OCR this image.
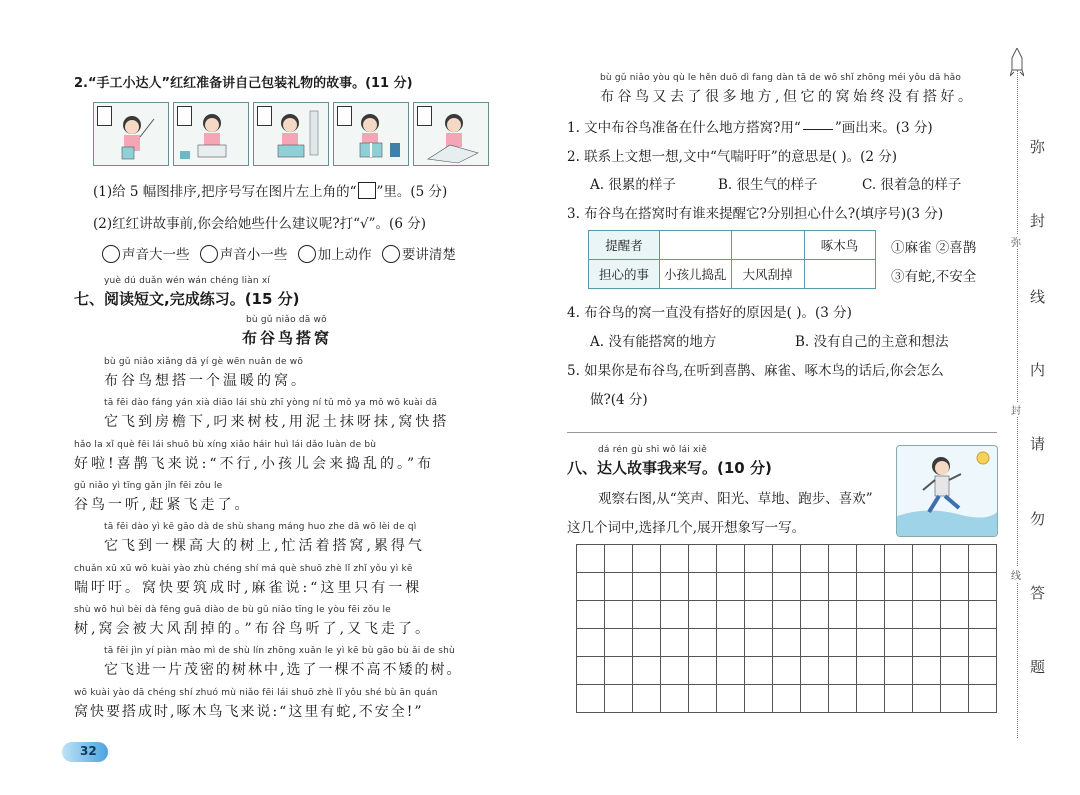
2.“手工小达人”红红准备讲自己包装礼物的故事。(11 分)
(1)给 5 幅图排序,把序号写在图片左上角的“ ”里。(5 分)
(2)红红讲故事前,你会给她些什么建议呢?打“√”。(6 分)
声音大一些 声音小一些 加上动作 要讲清楚
yuè dú duǎn wén wán chéng liàn xí
七、阅读短文,完成练习。(15 分)
bù gǔ niǎo dā wō
布谷鸟搭窝
bù gǔ niǎo xiǎng dā yí gè wēn nuǎn de wō
布谷鸟想搭一个温暖的窝。
tā fēi dào fáng yán xià diāo lái shù zhī yòng ní tǔ mǒ ya mǒ wō kuài dā
它飞到房檐下,叼来树枝,用泥土抹呀抹,窝快搭
hǎo la xǐ què fēi lái shuō bù xíng xiǎo háir huì lái dǎo luàn de bù
好啦!喜鹊飞来说:“不行,小孩儿会来捣乱的。”布
gǔ niǎo yì tīng gǎn jǐn fēi zǒu le
谷鸟一听,赶紧飞走了。
tā fēi dào yì kē gāo dà de shù shang máng huo zhe dā wō lèi de qì
它飞到一棵高大的树上,忙活着搭窝,累得气
chuǎn xū xū wō kuài yào zhù chéng shí má què shuō zhè lǐ zhǐ yǒu yì kē
喘吁吁。窝快要筑成时,麻雀说:“这里只有一棵
shù wō huì bèi dà fēng guā diào de bù gǔ niǎo tīng le yòu fēi zǒu le
树,窝会被大风刮掉的。”布谷鸟听了,又飞走了。
tā fēi jìn yí piàn mào mì de shù lín zhōng xuǎn le yì kē bù gāo bù ǎi de shù
它飞进一片茂密的树林中,选了一棵不高不矮的树。
wō kuài yào dā chéng shí zhuó mù niǎo fēi lái shuō zhè lǐ yǒu shé bù ān quán
窝快要搭成时,啄木鸟飞来说:“这里有蛇,不安全!”
32
bù gǔ niǎo yòu qù le hěn duō dì fang dàn tā de wō shǐ zhōng méi yǒu dā hǎo
布谷鸟又去了很多地方,但它的窝始终没有搭好。
1. 文中布谷鸟准备在什么地方搭窝?用“	”画出来。(3 分)
2. 联系上文想一想,文中“气喘吁吁”的意思是( )。(2 分)
A. 很累的样子	B. 很生气的样子	C. 很着急的样子
3. 布谷鸟在搭窝时有谁来提醒它?分别担心什么?(填序号)(3 分)
提醒者			啄木鸟
担心的事	小孩儿捣乱	大风刮掉	
①麻雀 ②喜鹊
③有蛇,不安全
4. 布谷鸟的窝一直没有搭好的原因是( )。(3 分)
A. 没有能搭窝的地方	B. 没有自己的主意和想法
5. 如果你是布谷鸟,在听到喜鹊、麻雀、啄木鸟的话后,你会怎么
做?(4 分)
dá rén gù shi wǒ lái xiě
八、达人故事我来写。(10 分)
观察右图,从“笑声、阳光、草地、跑步、喜欢”
这几个词中,选择几个,展开想象写一写。

弥
封
线
内
请
勿
答
题
弥
封
线
